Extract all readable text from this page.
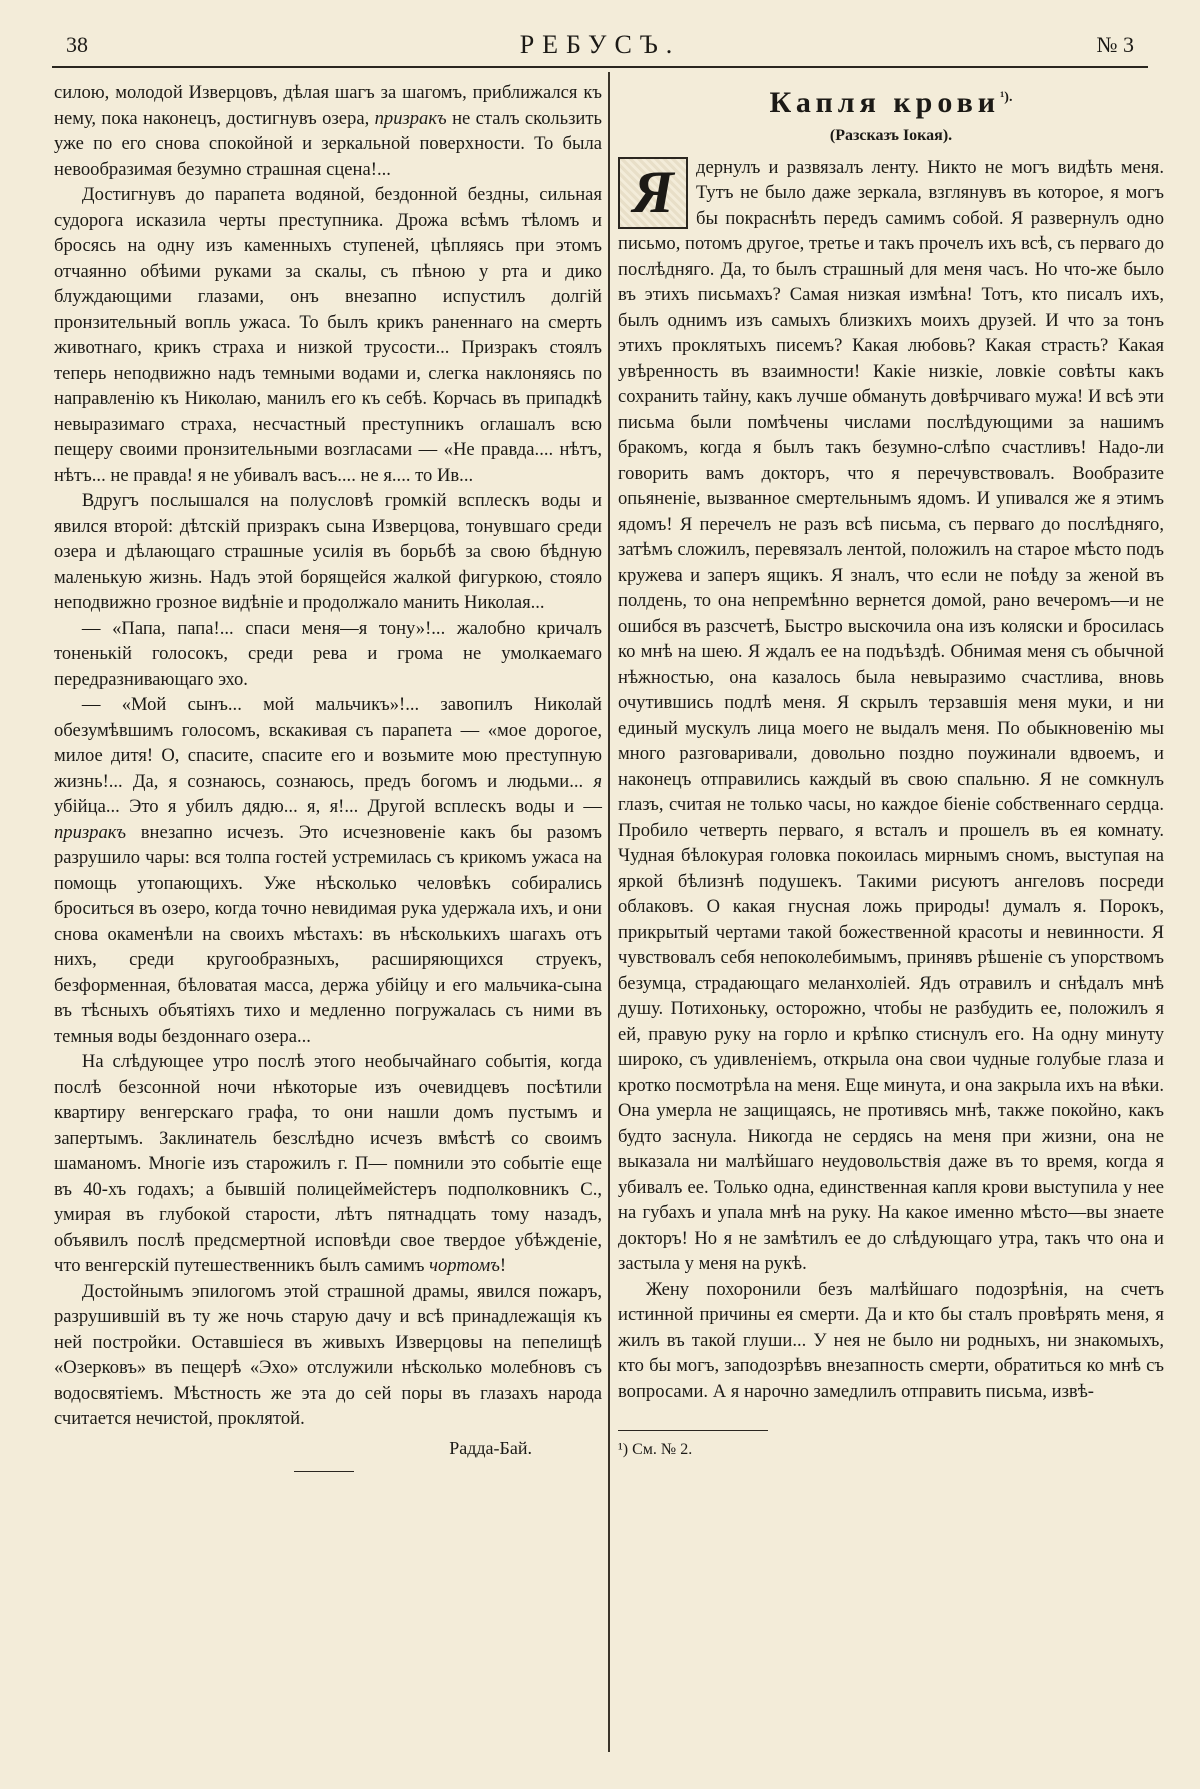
38	РЕБУСЪ.	№ 3

силою, молодой Изверцовъ, дѣлая шагъ за шагомъ, приближался къ нему, пока наконецъ, достигнувъ озера, призракъ не сталъ скользить уже по его снова спокойной и зеркальной поверхности. То была невообразимая безумно страшная сцена!...

Достигнувъ до парапета водяной, бездонной бездны, сильная судорога исказила черты преступника. Дрожа всѣмъ тѣломъ и бросясь на одну изъ каменныхъ ступеней, цѣпляясь при этомъ отчаянно обѣими руками за скалы, съ пѣною у рта и дико блуждающими глазами, онъ внезапно испустилъ долгій пронзительный вопль ужаса. То былъ крикъ раненнаго на смерть животнаго, крикъ страха и низкой трусости... Призракъ стоялъ теперь неподвижно надъ темными водами и, слегка наклоняясь по направленію къ Николаю, манилъ его къ себѣ. Корчась въ припадкѣ невыразимаго страха, несчастный преступникъ оглашалъ всю пещеру своими пронзительными возгласами — «Не правда.... нѣтъ, нѣтъ... не правда! я не убивалъ васъ.... не я.... то Ив...

Вдругъ послышался на полусловѣ громкій всплескъ воды и явился второй: дѣтскій призракъ сына Изверцова, тонувшаго среди озера и дѣлающаго страшные усилія въ борьбѣ за свою бѣдную маленькую жизнь. Надъ этой борящейся жалкой фигуркою, стояло неподвижно грозное видѣніе и продолжало манить Николая...

— «Папа, папа!... спаси меня—я тону»!... жалобно кричалъ тоненькій голосокъ, среди рева и грома не умолкаемаго передразнивающаго эхо.

— «Мой сынъ... мой мальчикъ»!... завопилъ Николай обезумѣвшимъ голосомъ, вскакивая съ парапета — «мое дорогое, милое дитя! О, спасите, спасите его и возьмите мою преступную жизнь!... Да, я сознаюсь, сознаюсь, предъ богомъ и людьми... я убійца... Это я убилъ дядю... я, я!... Другой всплескъ воды и — призракъ внезапно исчезъ. Это исчезновеніе какъ бы разомъ разрушило чары: вся толпа гостей устремилась съ крикомъ ужаса на помощь утопающихъ. Уже нѣсколько человѣкъ собирались броситься въ озеро, когда точно невидимая рука удержала ихъ, и они снова окаменѣли на своихъ мѣстахъ: въ нѣсколькихъ шагахъ отъ нихъ, среди кругообразныхъ, расширяющихся струекъ, безформенная, бѣловатая масса, держа убійцу и его мальчика-сына въ тѣсныхъ объятіяхъ тихо и медленно погружалась съ ними въ темныя воды бездоннаго озера...

На слѣдующее утро послѣ этого необычайнаго событія, когда послѣ безсонной ночи нѣкоторые изъ очевидцевъ посѣтили квартиру венгерскаго графа, то они нашли домъ пустымъ и запертымъ. Заклинатель безслѣдно исчезъ вмѣстѣ со своимъ шаманомъ. Многіе изъ старожилъ г. П— помнили это событіе еще въ 40-хъ годахъ; а бывшій полицеймейстеръ подполковникъ С., умирая въ глубокой старости, лѣтъ пятнадцать тому назадъ, объявилъ послѣ предсмертной исповѣди свое твердое убѣжденіе, что венгерскій путешественникъ былъ самимъ чортомъ!

Достойнымъ эпилогомъ этой страшной драмы, явился пожаръ, разрушившій въ ту же ночь старую дачу и всѣ принадлежащія къ ней постройки. Оставшіеся въ живыхъ Изверцовы на пепелищѣ «Озерковъ» въ пещерѣ «Эхо» отслужили нѣсколько молебновъ съ водосвятіемъ. Мѣстность же эта до сей поры въ глазахъ народа считается нечистой, проклятой.

Радда-Бай.
Капля крови$^{^1).}$
(Разсказъ Іокая).

Я	дернулъ и развязалъ ленту. Никто не могъ видѣть меня. Тутъ не было даже зеркала, взглянувъ въ которое, я могъ бы покраснѣть передъ самимъ собой. Я развернулъ одно письмо, потомъ другое, третье и такъ прочелъ ихъ всѣ, съ перваго до послѣдняго. Да, то былъ страшный для меня часъ. Но что-же было въ этихъ письмахъ? Самая низкая измѣна! Тотъ, кто писалъ ихъ, былъ однимъ изъ самыхъ близкихъ моихъ друзей. И что за тонъ этихъ проклятыхъ писемъ? Какая любовь? Какая страсть? Какая увѣренность въ взаимности! Какіе низкіе, ловкіе совѣты какъ сохранить тайну, какъ лучше обмануть довѣрчиваго мужа! И всѣ эти письма были помѣчены числами послѣдующими за нашимъ бракомъ, когда я былъ такъ безумно-слѣпо счастливъ! Надо-ли говорить вамъ докторъ, что я перечувствовалъ. Вообразите опьяненіе, вызванное смертельнымъ ядомъ. И упивался же я этимъ ядомъ! Я перечелъ не разъ всѣ письма, съ перваго до послѣдняго, затѣмъ сложилъ, перевязалъ лентой, положилъ на старое мѣсто подъ кружева и заперъ ящикъ. Я зналъ, что если не поѣду за женой въ полдень, то она непремѣнно вернется домой, рано вечеромъ—и не ошибся въ разсчетѣ, Быстро выскочила она изъ коляски и бросилась ко мнѣ на шею. Я ждалъ ее на подъѣздѣ. Обнимая меня съ обычной нѣжностью, она казалось была невыразимо счастлива, вновь очутившись подлѣ меня. Я скрылъ терзавшія меня муки, и ни единый мускулъ лица моего не выдалъ меня. По обыкновенію мы много разговаривали, довольно поздно поужинали вдвоемъ, и наконецъ отправились каждый въ свою спальню. Я не сомкнулъ глазъ, считая не только часы, но каждое біеніе собственнаго сердца. Пробило четверть перваго, я всталъ и прошелъ въ ея комнату. Чудная бѣлокурая головка покоилась мирнымъ сномъ, выступая на яркой бѣлизнѣ подушекъ. Такими рисуютъ ангеловъ посреди облаковъ. О какая гнусная ложь природы! думалъ я. Порокъ, прикрытый чертами такой божественной красоты и невинности. Я чувствовалъ себя непоколебимымъ, принявъ рѣшеніе съ упорствомъ безумца, страдающаго меланхоліей. Ядъ отравилъ и снѣдалъ мнѣ душу. Потихоньку, осторожно, чтобы не разбудить ее, положилъ я ей, правую руку на горло и крѣпко стиснулъ его. На одну минуту широко, съ удивленіемъ, открыла она свои чудные голубые глаза и кротко посмотрѣла на меня. Еще минута, и она закрыла ихъ на вѣки. Она умерла не защищаясь, не противясь мнѣ, также покойно, какъ будто заснула. Никогда не сердясь на меня при жизни, она не выказала ни малѣйшаго неудовольствія даже въ то время, когда я убивалъ ее. Только одна, единственная капля крови выступила у нее на губахъ и упала мнѣ на руку. На какое именно мѣсто—вы знаете докторъ! Но я не замѣтилъ ее до слѣдующаго утра, такъ что она и застыла у меня на рукѣ.

Жену похоронили безъ малѣйшаго подозрѣнія, на счетъ истинной причины ея смерти. Да и кто бы сталъ провѣрять меня, я жилъ въ такой глуши... У нея не было ни родныхъ, ни знакомыхъ, кто бы могъ, заподозрѣвъ внезапность смерти, обратиться ко мнѣ съ вопросами. А я нарочно замедлилъ отправить письма, извѣ-

¹) См. № 2.
